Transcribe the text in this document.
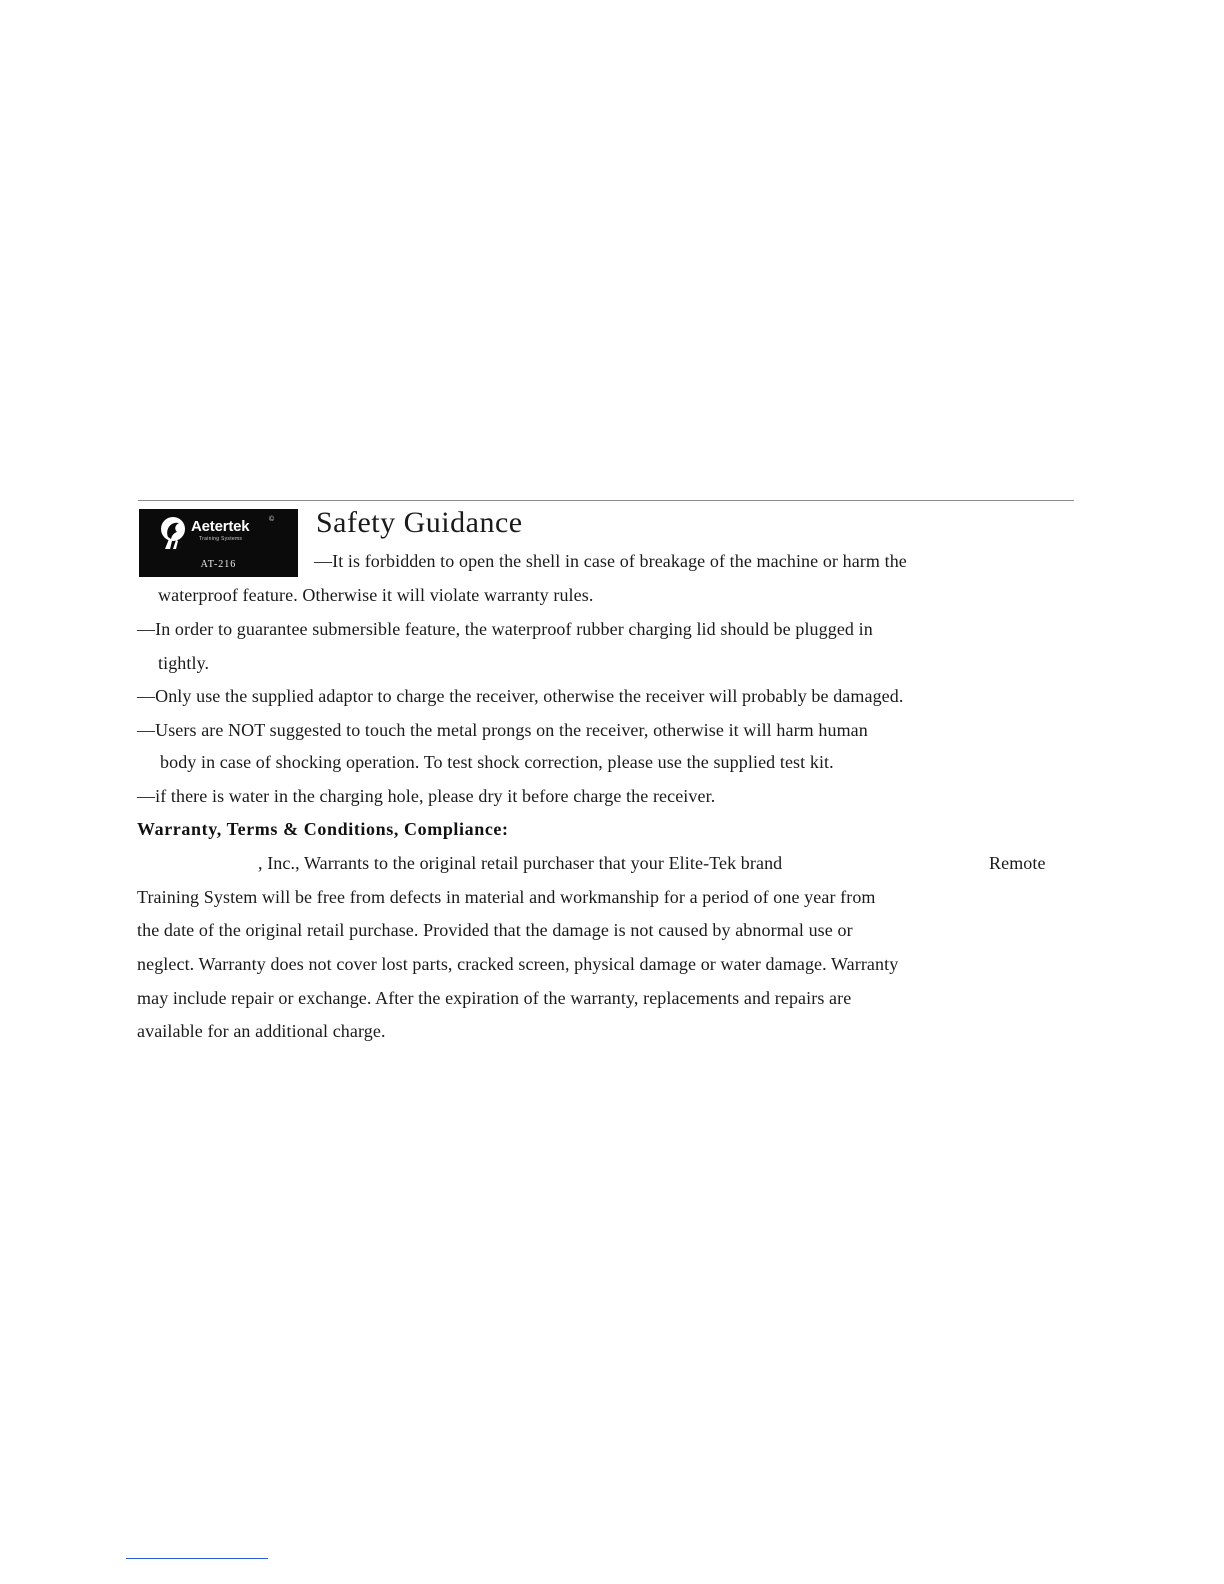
Aetertek	©
Training Systems
AT-216
Safety Guidance
—It is forbidden to open the shell in case of breakage of the machine or harm the
waterproof feature. Otherwise it will violate warranty rules.
—In order to guarantee submersible feature, the waterproof rubber charging lid should be plugged in
tightly.
—Only use the supplied adaptor to charge the receiver, otherwise the receiver will probably be damaged.
—Users are NOT suggested to touch the metal prongs on the receiver, otherwise it will harm human
body in case of shocking operation. To test shock correction, please use the supplied test kit.
—if there is water in the charging hole, please dry it before charge the receiver.
Warranty, Terms & Conditions, Compliance:
, Inc., Warrants to the original retail purchaser that your Elite-Tek brand	Remote
Training System will be free from defects in material and workmanship for a period of one year from
the date of the original retail purchase. Provided that the damage is not caused by abnormal use or
neglect. Warranty does not cover lost parts, cracked screen, physical damage or water damage. Warranty
may include repair or exchange. After the expiration of the warranty, replacements and repairs are
available for an additional charge.
